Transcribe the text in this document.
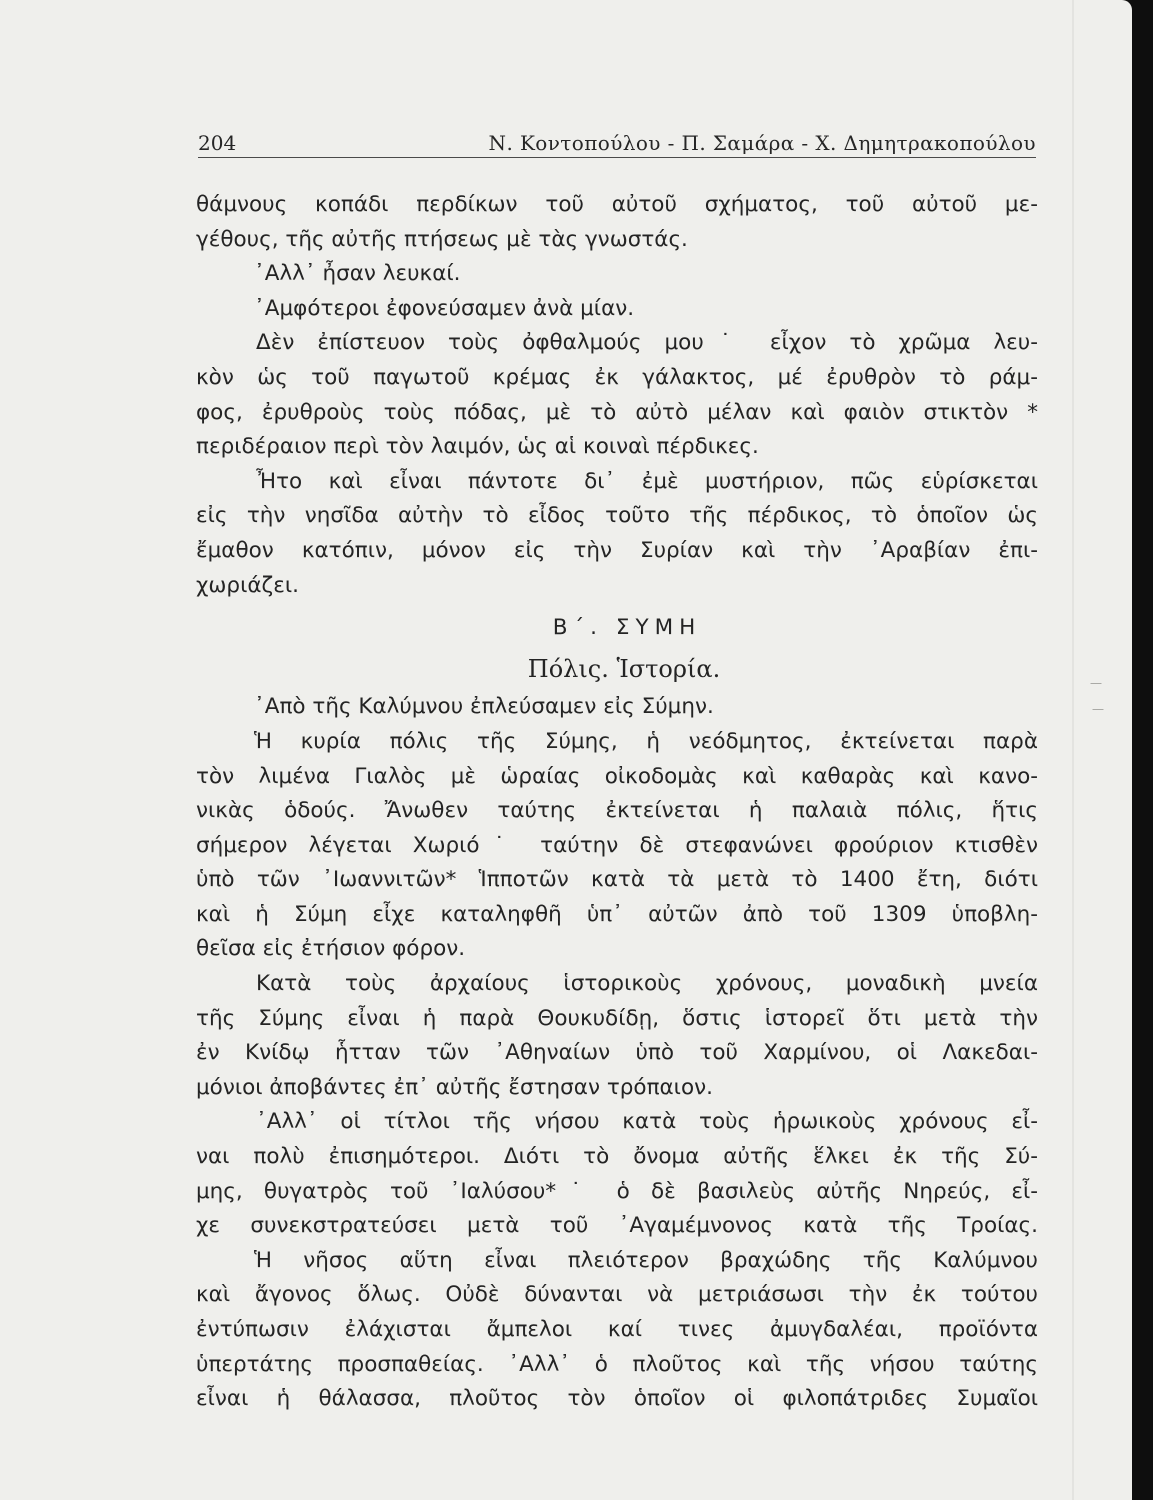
—
—
204	Ν. Κοντοπούλου - Π. Σαμάρα - Χ. Δημητρακοπούλου
θάμνους κοπάδι περδίκων τοῦ αὐτοῦ σχήματος, τοῦ αὐτοῦ με-
γέθους, τῆς αὐτῆς πτήσεως μὲ τὰς γνωστάς.
᾿Αλλ᾿ ἦσαν λευκαί.
᾿Αμφότεροι ἐφονεύσαμεν ἀνὰ μίαν.
Δὲν ἐπίστευον τοὺς ὀφθαλμούς μου˙ εἶχον τὸ χρῶμα λευ-
κὸν ὡς τοῦ παγωτοῦ κρέμας ἐκ γάλακτος, μέ ἐρυθρὸν τὸ ράμ-
φος, ἐρυθροὺς τοὺς πόδας, μὲ τὸ αὐτὸ μέλαν καὶ φαιὸν στικτὸν *
περιδέραιον περὶ τὸν λαιμόν, ὡς αἱ κοιναὶ πέρδικες.
Ἦτο καὶ εἶναι πάντοτε δι᾿ ἐμὲ μυστήριον, πῶς εὑρίσκεται
εἰς τὴν νησῖδα αὐτὴν τὸ εἶδος τοῦτο τῆς πέρδικος, τὸ ὁποῖον ὡς
ἔμαθον κατόπιν, μόνον εἰς τὴν Συρίαν καὶ τὴν ᾿Αραβίαν ἐπι-
χωριάζει.
Β΄. ΣΥΜΗ
Πόλις. Ἱστορία.
᾿Απὸ τῆς Καλύμνου ἐπλεύσαμεν εἰς Σύμην.
Ἡ κυρία πόλις τῆς Σύμης, ἡ νεόδμητος, ἐκτείνεται παρὰ
τὸν λιμένα Γιαλὸς μὲ ὡραίας οἰκοδομὰς καὶ καθαρὰς καὶ κανο-
νικὰς ὁδούς. Ἄνωθεν ταύτης ἐκτείνεται ἡ παλαιὰ πόλις, ἥτις
σήμερον λέγεται Χωριό˙ ταύτην δὲ στεφανώνει φρούριον κτισθὲν
ὑπὸ τῶν ᾿Ιωαννιτῶν* Ἱπποτῶν κατὰ τὰ μετὰ τὸ 1400 ἔτη, διότι
καὶ ἡ Σύμη εἶχε καταληφθῆ ὑπ᾿ αὐτῶν ἀπὸ τοῦ 1309 ὑποβλη-
θεῖσα εἰς ἐτήσιον φόρον.
Κατὰ τοὺς ἀρχαίους ἱστορικοὺς χρόνους, μοναδικὴ μνεία
τῆς Σύμης εἶναι ἡ παρὰ Θουκυδίδῃ, ὅστις ἱστορεῖ ὅτι μετὰ τὴν
ἐν Κνίδῳ ἧτταν τῶν ᾿Αθηναίων ὑπὸ τοῦ Χαρμίνου, οἱ Λακεδαι-
μόνιοι ἀποβάντες ἐπ᾿ αὐτῆς ἔστησαν τρόπαιον.
᾿Αλλ᾿ οἱ τίτλοι τῆς νήσου κατὰ τοὺς ἡρωικοὺς χρόνους εἶ-
ναι πολὺ ἐπισημότεροι. Διότι τὸ ὄνομα αὐτῆς ἕλκει ἐκ τῆς Σύ-
μης, θυγατρὸς τοῦ ᾿Ιαλύσου*˙ ὁ δὲ βασιλεὺς αὐτῆς Νηρεύς, εἶ-
χε συνεκστρατεύσει μετὰ τοῦ ᾿Αγαμέμνονος κατὰ τῆς Τροίας.
Ἡ νῆσος αὕτη εἶναι πλειότερον βραχώδης τῆς Καλύμνου
καὶ ἄγονος ὅλως. Οὐδὲ δύνανται νὰ μετριάσωσι τὴν ἐκ τούτου
ἐντύπωσιν ἐλάχισται ἄμπελοι καί τινες ἀμυγδαλέαι, προϊόντα
ὑπερτάτης προσπαθείας. ᾿Αλλ᾿ ὁ πλοῦτος καὶ τῆς νήσου ταύτης
εἶναι ἡ θάλασσα, πλοῦτος τὸν ὁποῖον οἱ φιλοπάτριδες Συμαῖοι
